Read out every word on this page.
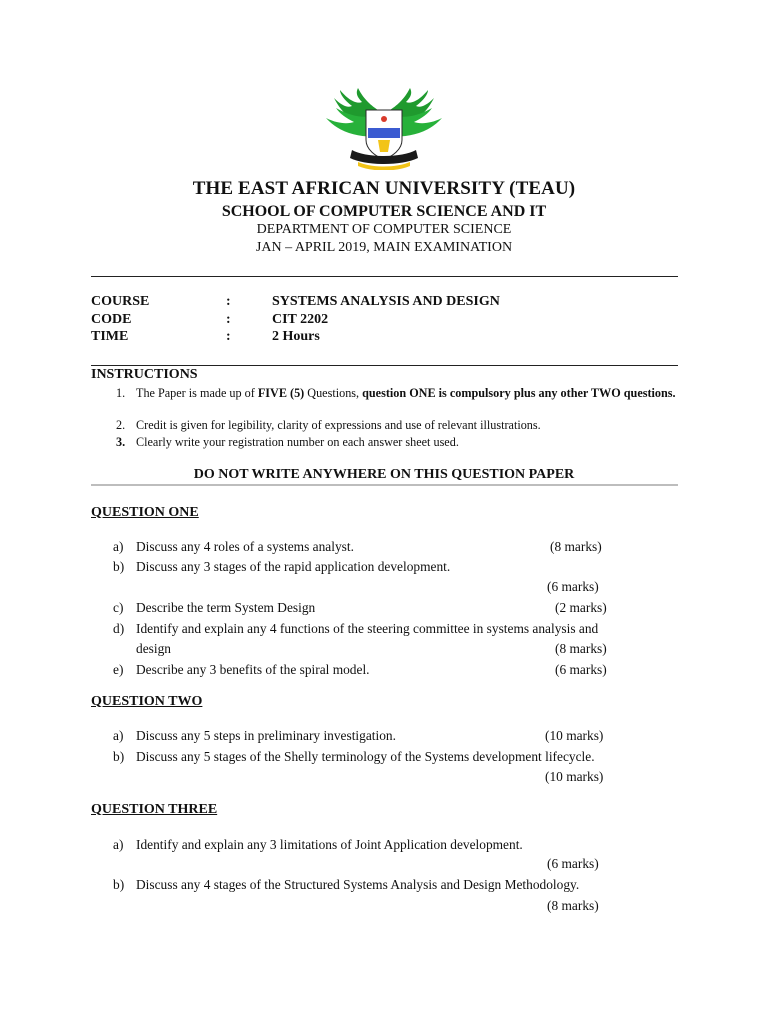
THE EAST AFRICAN UNIVERSITY (TEAU)
SCHOOL OF COMPUTER SCIENCE AND IT
DEPARTMENT OF COMPUTER SCIENCE
JAN – APRIL 2019, MAIN EXAMINATION
COURSE	:	SYSTEMS ANALYSIS AND DESIGN
CODE	:	CIT 2202
TIME	:	2 Hours
INSTRUCTIONS
1. The Paper is made up of FIVE (5) Questions, question ONE is compulsory plus any other TWO questions.
2. Credit is given for legibility, clarity of expressions and use of relevant illustrations.
3. Clearly write your registration number on each answer sheet used.
DO NOT WRITE ANYWHERE ON THIS QUESTION PAPER
QUESTION ONE
a) Discuss any 4 roles of a systems analyst.	(8 marks)
b) Discuss any 3 stages of the rapid application development.
(6 marks)
c) Describe the term System Design	(2 marks)
d) Identify and explain any 4 functions of the steering committee in systems analysis and
design	(8 marks)
e) Describe any 3 benefits of the spiral model.	(6 marks)
QUESTION TWO
a) Discuss any 5 steps in preliminary investigation.	(10 marks)
b) Discuss any 5 stages of the Shelly terminology of the Systems development lifecycle.
(10 marks)
QUESTION THREE
a) Identify and explain any 3 limitations of Joint Application development.
(6 marks)
b) Discuss any 4 stages of the Structured Systems Analysis and Design Methodology.
(8 marks)
